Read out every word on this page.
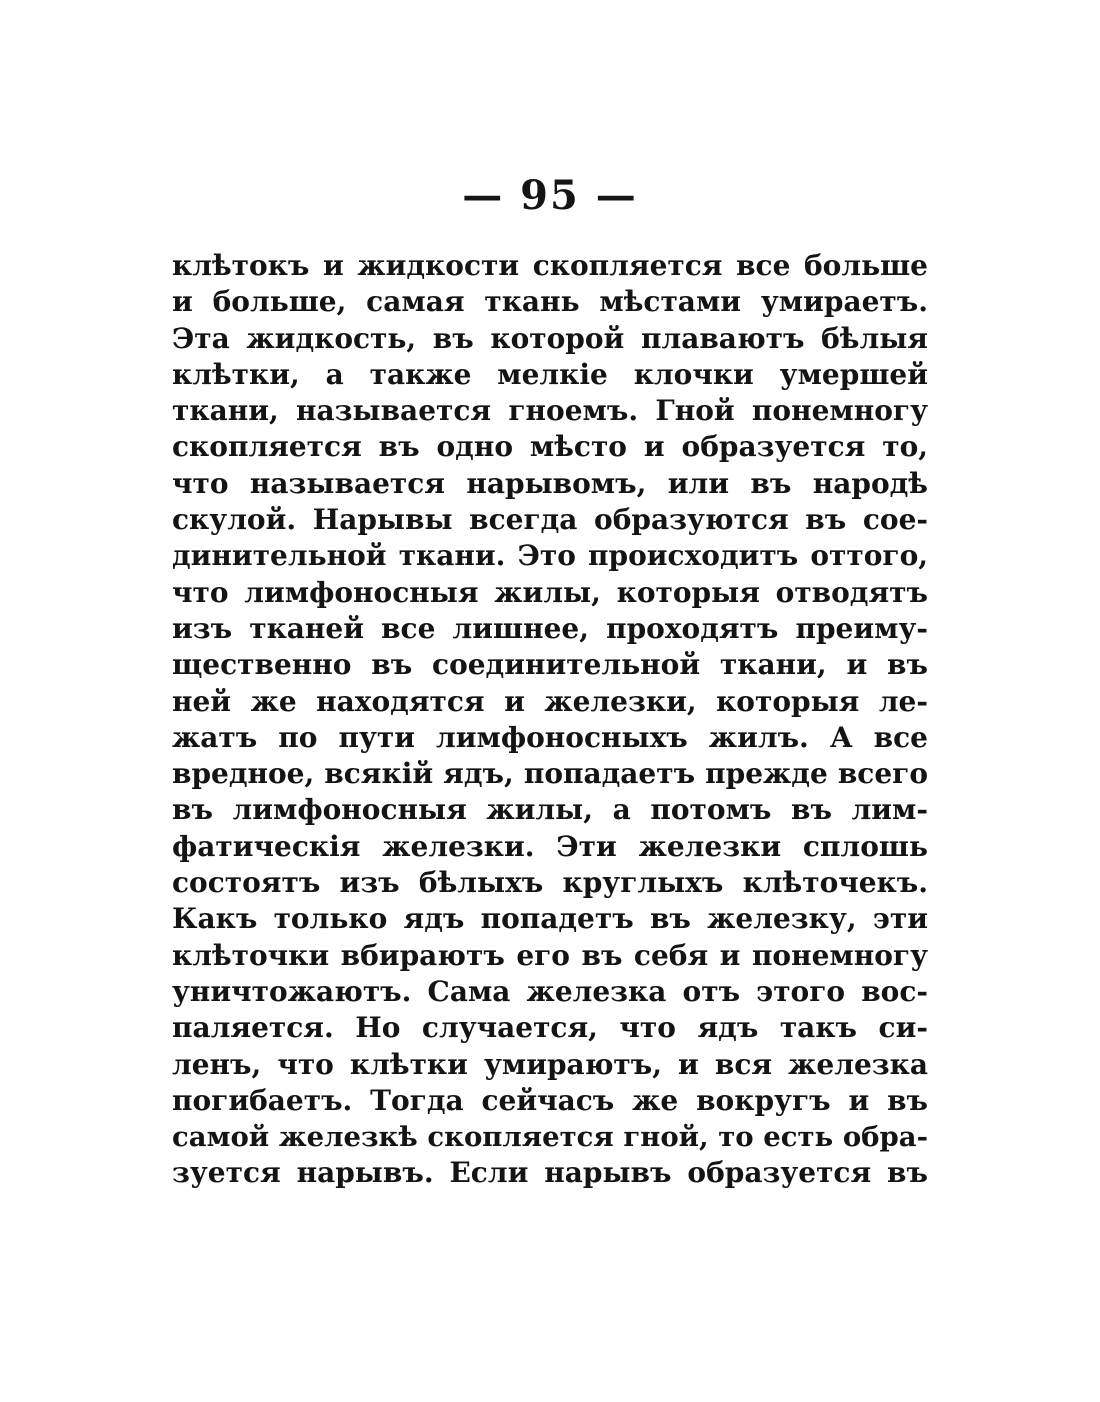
— 95 —
клѣтокъ и жидкости скопляется все больше
и больше, самая ткань мѣстами умираетъ.
Эта жидкость, въ которой плаваютъ бѣлыя
клѣтки, а также мелкіе клочки умершей
ткани, называется гноемъ. Гной понемногу
скопляется въ одно мѣсто и образуется то,
что называется нарывомъ, или въ народѣ
скулой. Нарывы всегда образуются въ сое-
динительной ткани. Это происходитъ оттого,
что лимфоносныя жилы, которыя отводятъ
изъ тканей все лишнее, проходятъ преиму-
щественно въ соединительной ткани, и въ
ней же находятся и железки, которыя ле-
жатъ по пути лимфоносныхъ жилъ. А все
вредное, всякій ядъ, попадаетъ прежде всего
въ лимфоносныя жилы, а потомъ въ лим-
фатическія железки. Эти железки сплошь
состоятъ изъ бѣлыхъ круглыхъ клѣточекъ.
Какъ только ядъ попадетъ въ железку, эти
клѣточки вбираютъ его въ себя и понемногу
уничтожаютъ. Сама железка отъ этого вос-
паляется. Но случается, что ядъ такъ си-
ленъ, что клѣтки умираютъ, и вся железка
погибаетъ. Тогда сейчасъ же вокругъ и въ
самой железкѣ скопляется гной, то есть обра-
зуется нарывъ. Если нарывъ образуется въ
